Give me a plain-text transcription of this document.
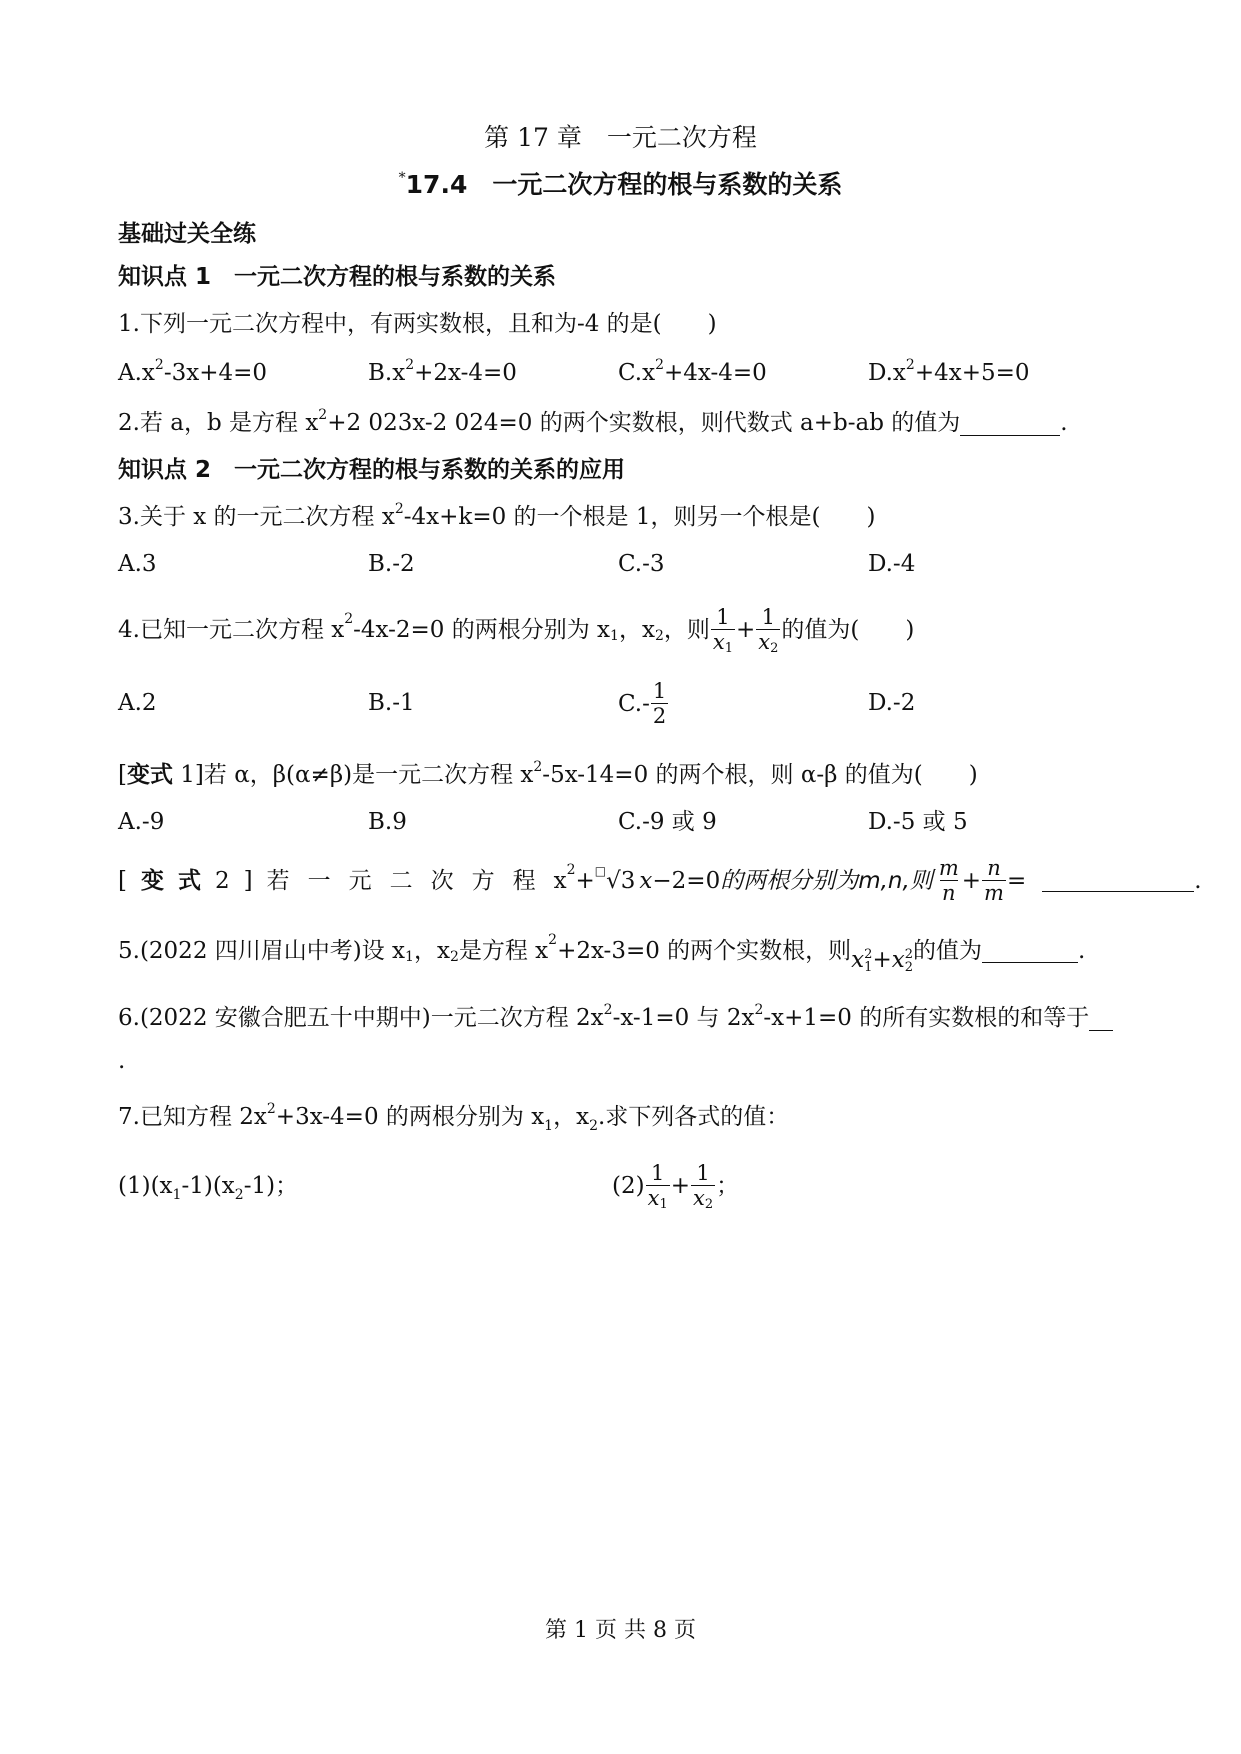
第 17 章　一元二次方程
*17.4　一元二次方程的根与系数的关系
基础过关全练
知识点 1　一元二次方程的根与系数的关系
1.下列一元二次方程中，有两实数根，且和为-4 的是(　　)
$A.x^2-3x+4=0$	$B.x^2+2x-4=0$	$C.x^2+4x-4=0$	$D.x^2+4x+5=0$
2.若 a，b 是方程 $x^2+2$ 023x-2 024=0 的两个实数根，则代数式 a+b-ab 的值为	.
知识点 2　一元二次方程的根与系数的关系的应用
3.关于 x 的一元二次方程 $x^2-4x+k=0$ 的一个根是 1，则另一个根是(　　)
A.3	B.-2	C.-3	D.-4
4.已知一元二次方程 x 2 -4x-2=0 的两根分别为 x 1 ，x 2 ，则 $\frac{1}{x1} + \frac{1}{x2}$ 的值为(　　)
A.2	B.-1	$C.- \frac{1}{2}$	D.-2
[变式 1]若 α，β(α≠β)是一元二次方程 $x^2-5x-14=0$ 的两个根，则 α-β 的值为(　　)
A.-9	B.9	C.-9 或 9	D.-5 或 5
[ 变式 2] 若一元二次方程 x 2 + □ √3 x −2=0 的两根分别为m,n,则 $\frac{m}{n} + \frac{n}{m}$ =
	.
5.(2022 四川眉山中考)设 x 1 ，x 2 是方程 x 2 +2x-3=0 的两个实数根，则 x 2
1 +x 2
2
的值为
	.
6.(2022 安徽合肥五十中期中)一元二次方程 $2x^2-x-1=0$ 与 $2x^2-x+1=0$ 的所有实数根的和等于
.
7.已知方程 $2x^2+3x-4=0$ 的两根分别为 $x_1$，$x_2$.求下列各式的值：
$(1)(x_1-1)(x_2-1)$；	$(2) \frac{1}{x1} + \frac{1}{x2}$ ；
第 1 页 共 8 页
